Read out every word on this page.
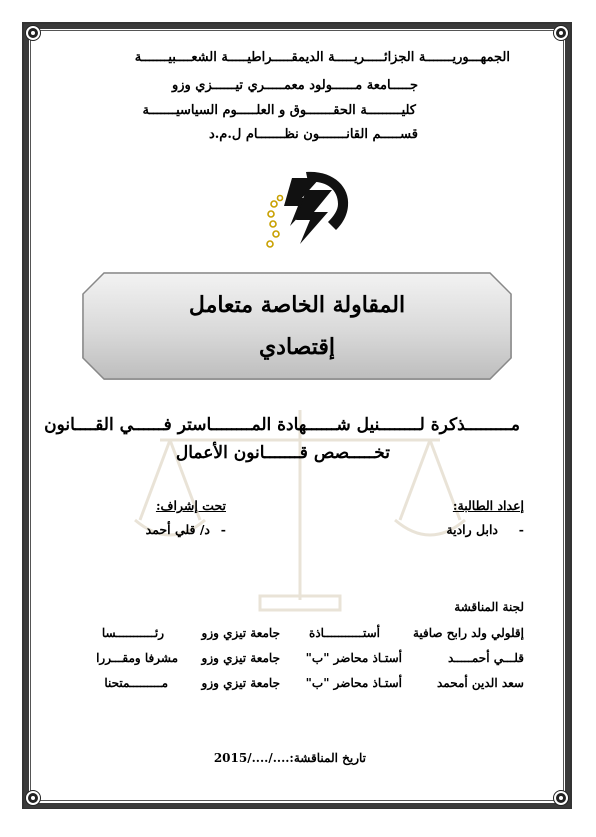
الجمهـــوريـــــــة الجزائـــــريـــــة الديمقـــــراطيـــــة الشعــــبيـــــــة
جـــــامعة مــــــولود معمـــــري تيــــــزي وزو
كليـــــــــة الحقـــــــوق و العلـــــوم السياسيـــــــة
قســـــم القانـــــــون نظـــــــام ل.م.د
المقاولة الخاصة متعامل
إقتصادي
مـــــــــذكرة لــــــــنيل شــــــهادة المــــــــاستر فــــــي القــــانون
تخـــــصص قـــــــانون الأعمال
إعداد الطالبة:
-
دابل رادية
تحت إشراف:
-
د/ قلي أحمد
لجنة المناقشة
إقلولي ولد رابح صافية
أستـــــــــــاذة
جامعة تيزي وزو
رئـــــــــــسا
قلـــي أحمـــــد
أستـاذ محاضر "ب"
جامعة تيزي وزو
مشرفا ومقـــررا
سعد الدين أمحمد
أستـاذ محاضر "ب"
جامعة تيزي وزو
مـــــــــمتحنا
تاريخ المناقشة:..../..../2015
